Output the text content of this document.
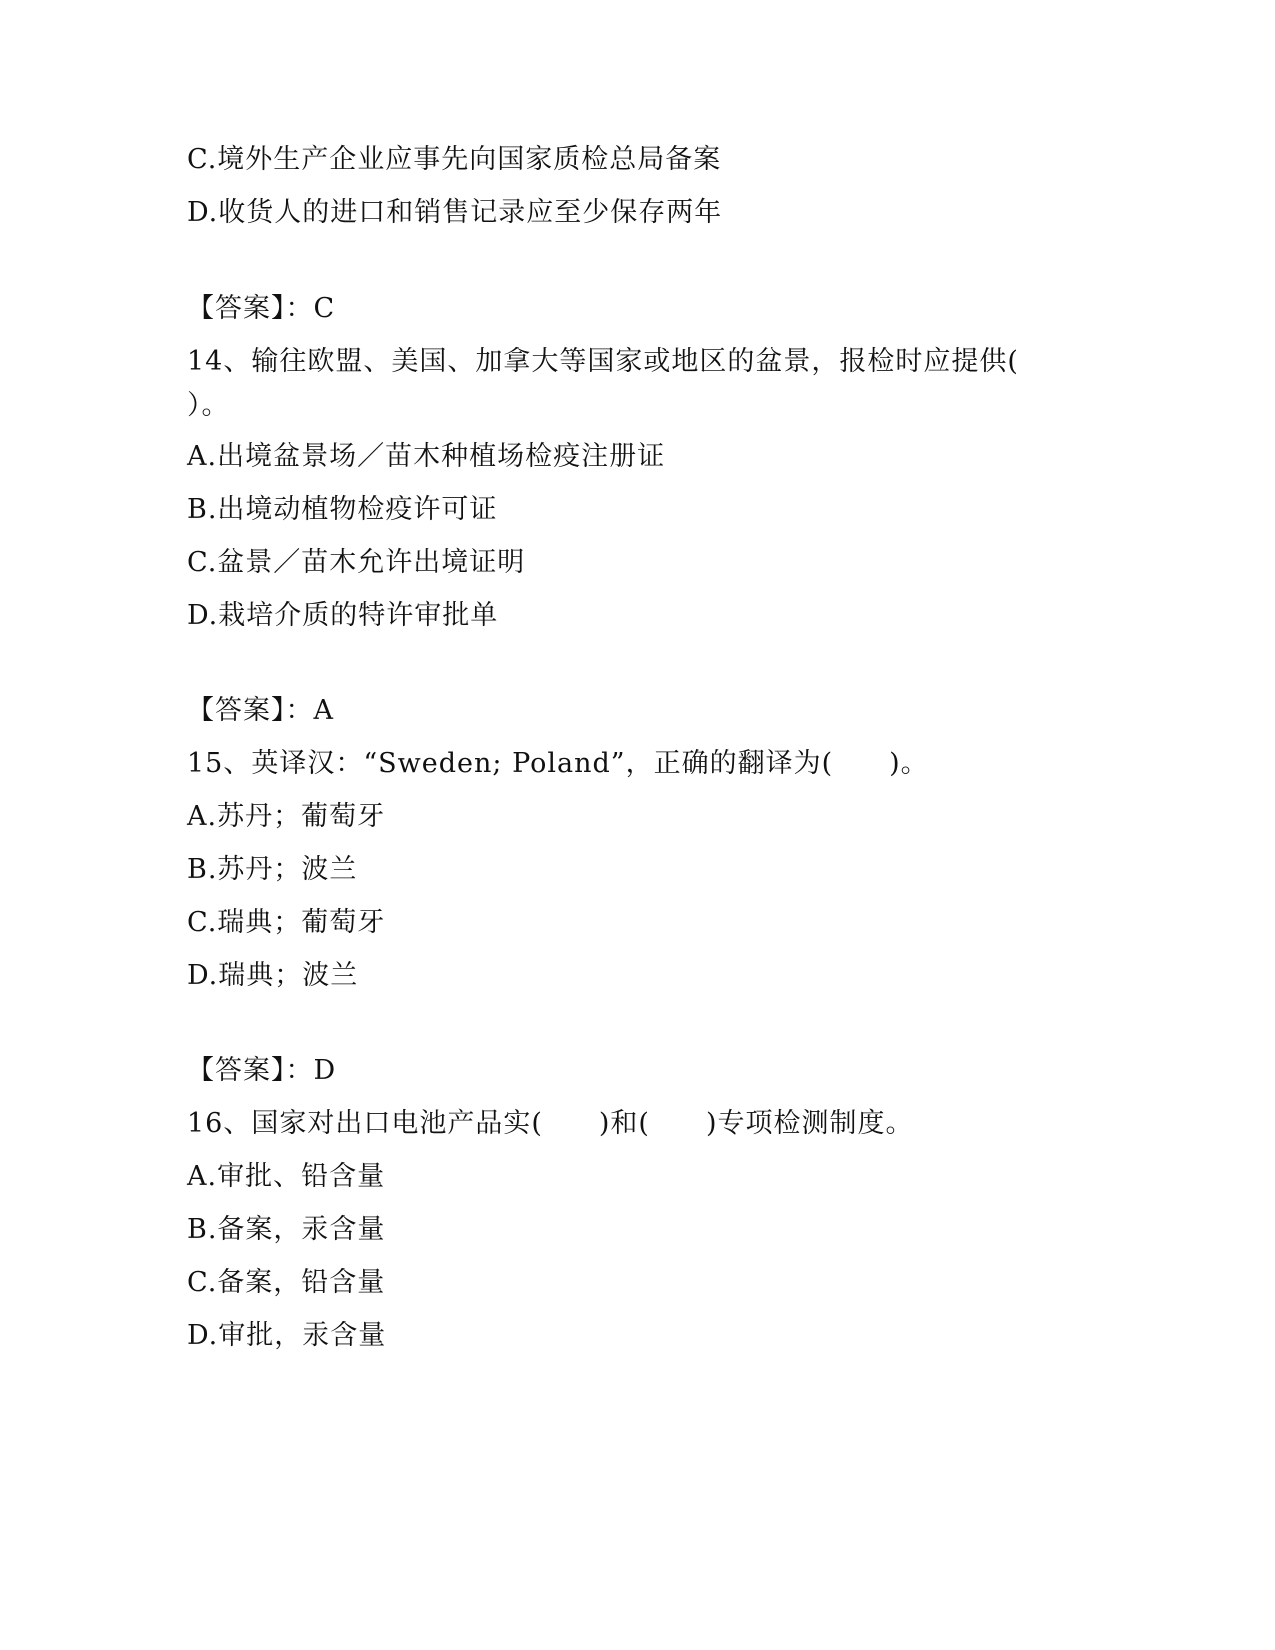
C.境外生产企业应事先向国家质检总局备案
D.收货人的进口和销售记录应至少保存两年
【答案】：C
14、输往欧盟、美国、加拿大等国家或地区的盆景，报检时应提供(
）。
A.出境盆景场／苗木种植场检疫注册证
B.出境动植物检疫许可证
C.盆景／苗木允许出境证明
D.栽培介质的特许审批单
【答案】：A
15、英译汉：“Sweden; Poland”，正确的翻译为(　　)。
A.苏丹；葡萄牙
B.苏丹；波兰
C.瑞典；葡萄牙
D.瑞典；波兰
【答案】：D
16、国家对出口电池产品实(　　)和(　　)专项检测制度。
A.审批、铅含量
B.备案，汞含量
C.备案，铅含量
D.审批，汞含量
